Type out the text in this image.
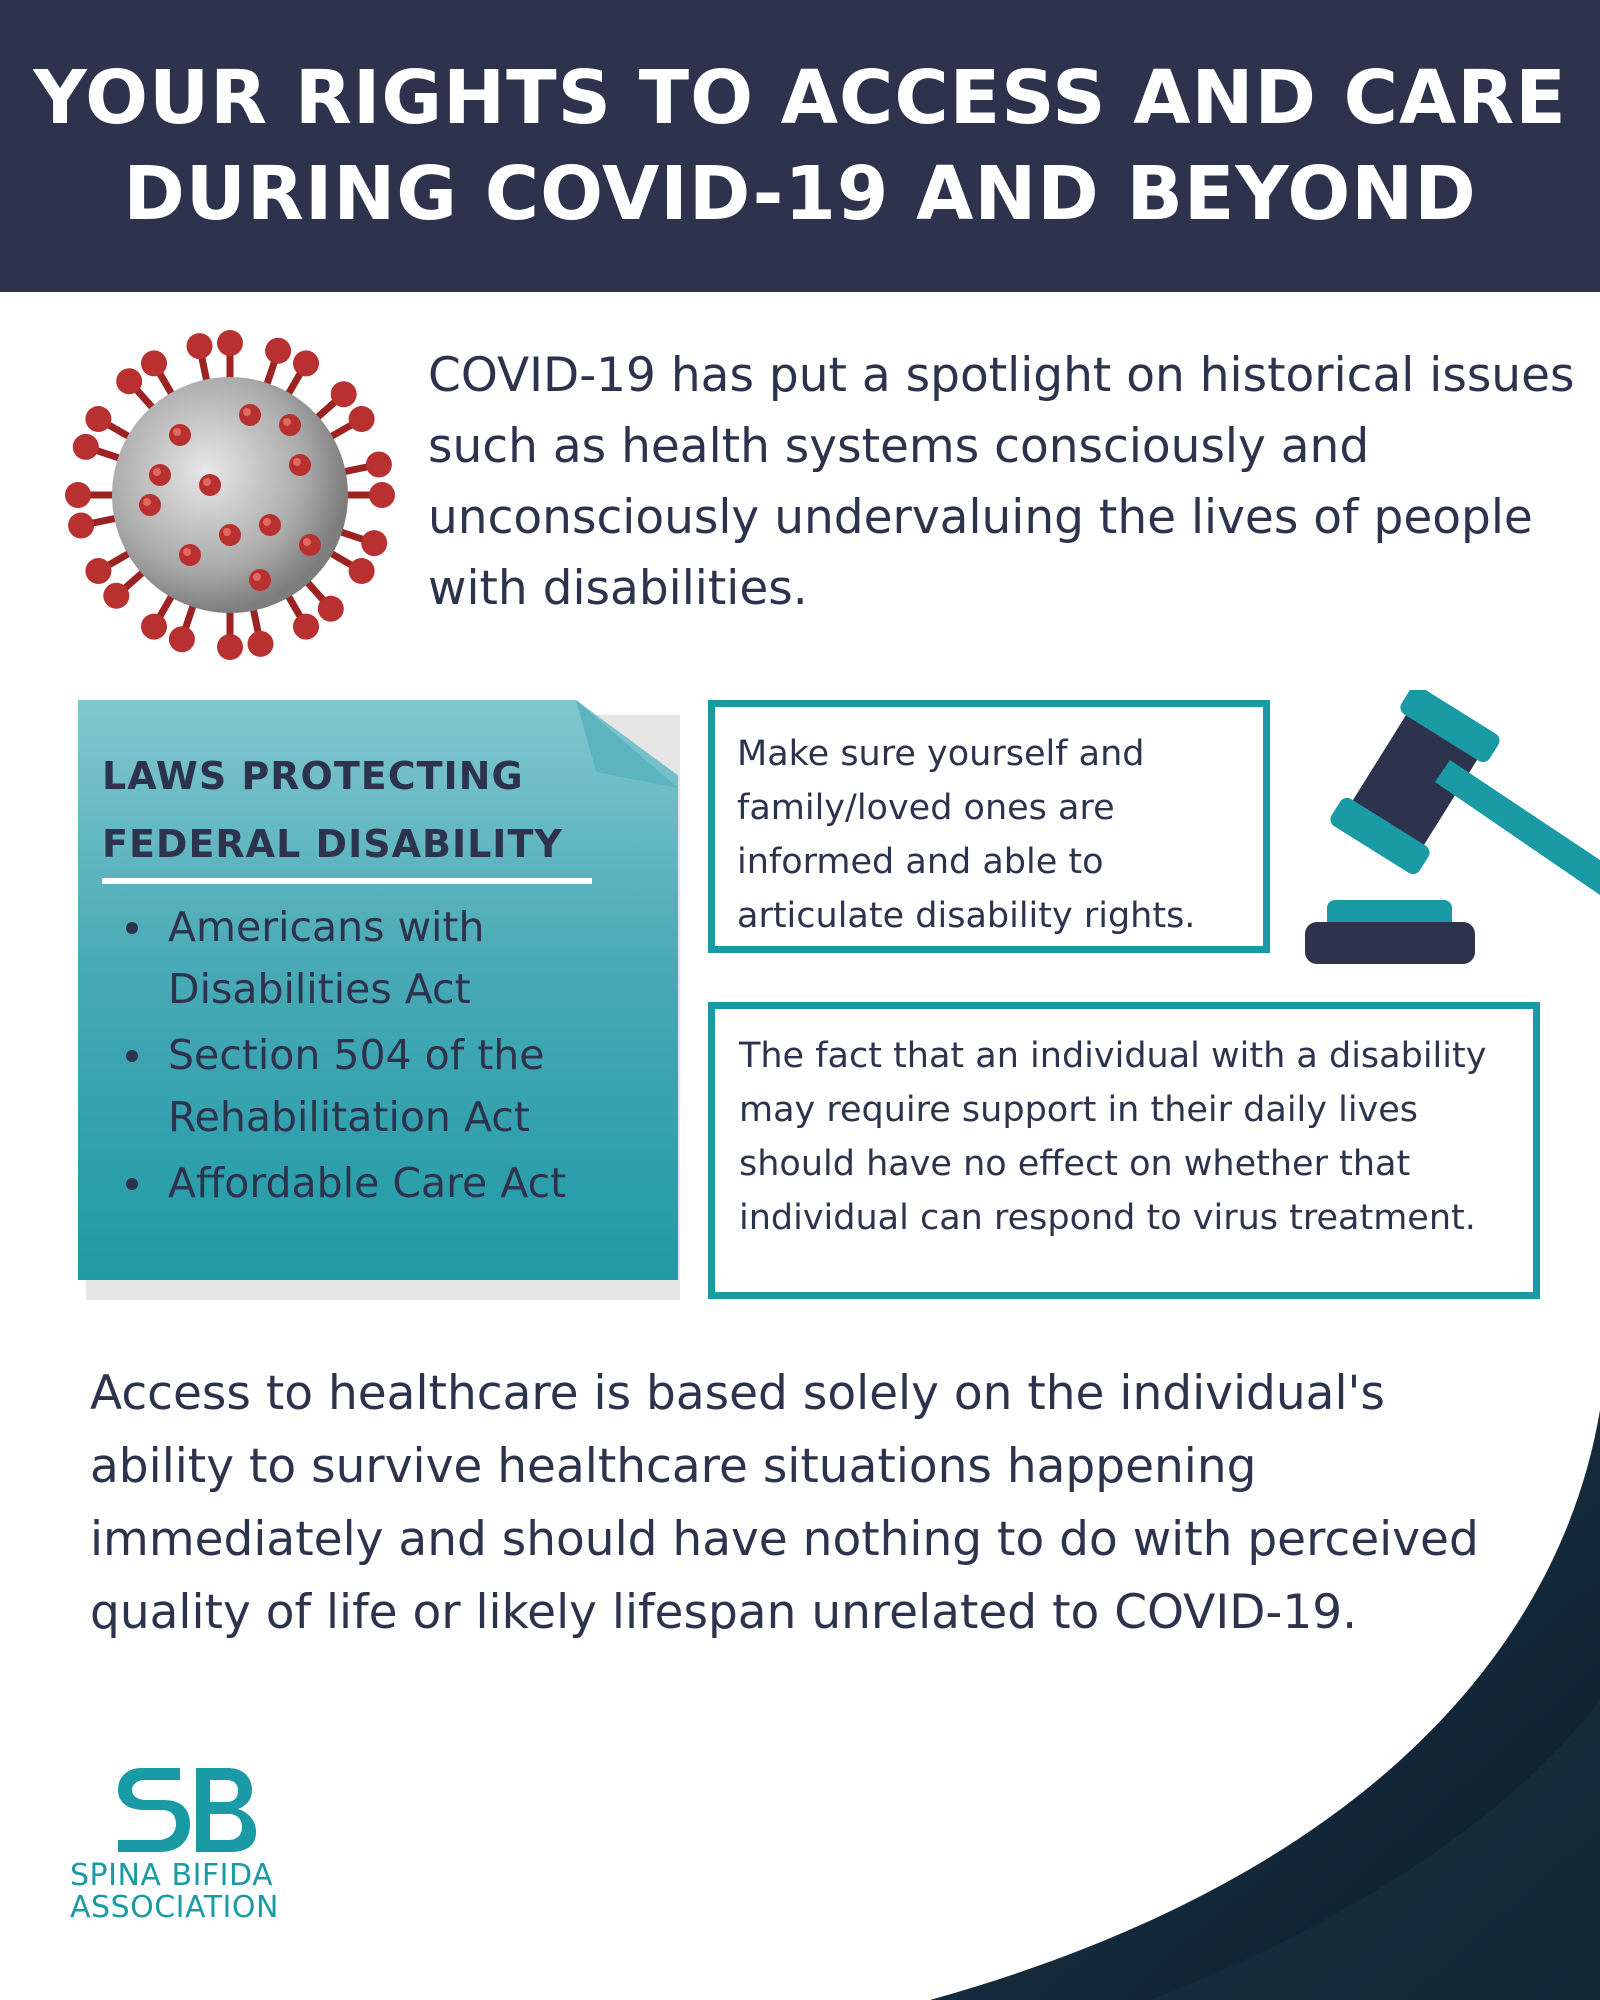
YOUR RIGHTS TO ACCESS AND CARE
DURING COVID-19 AND BEYOND
COVID-19 has put a spotlight on historical issues such as health systems consciously and unconsciously undervaluing the lives of people with disabilities.
LAWS PROTECTING
FEDERAL DISABILITY
Americans with Disabilities Act
Section 504 of the Rehabilitation Act
Affordable Care Act
Make sure yourself and family/loved ones are informed and able to articulate disability rights.
The fact that an individual with a disability may require support in their daily lives should have no effect on whether that individual can respond to virus treatment.
Access to healthcare is based solely on the individual's ability to survive healthcare situations happening immediately and should have nothing to do with perceived quality of life or likely lifespan unrelated to COVID-19.
SPINA BIFIDA
ASSOCIATION
